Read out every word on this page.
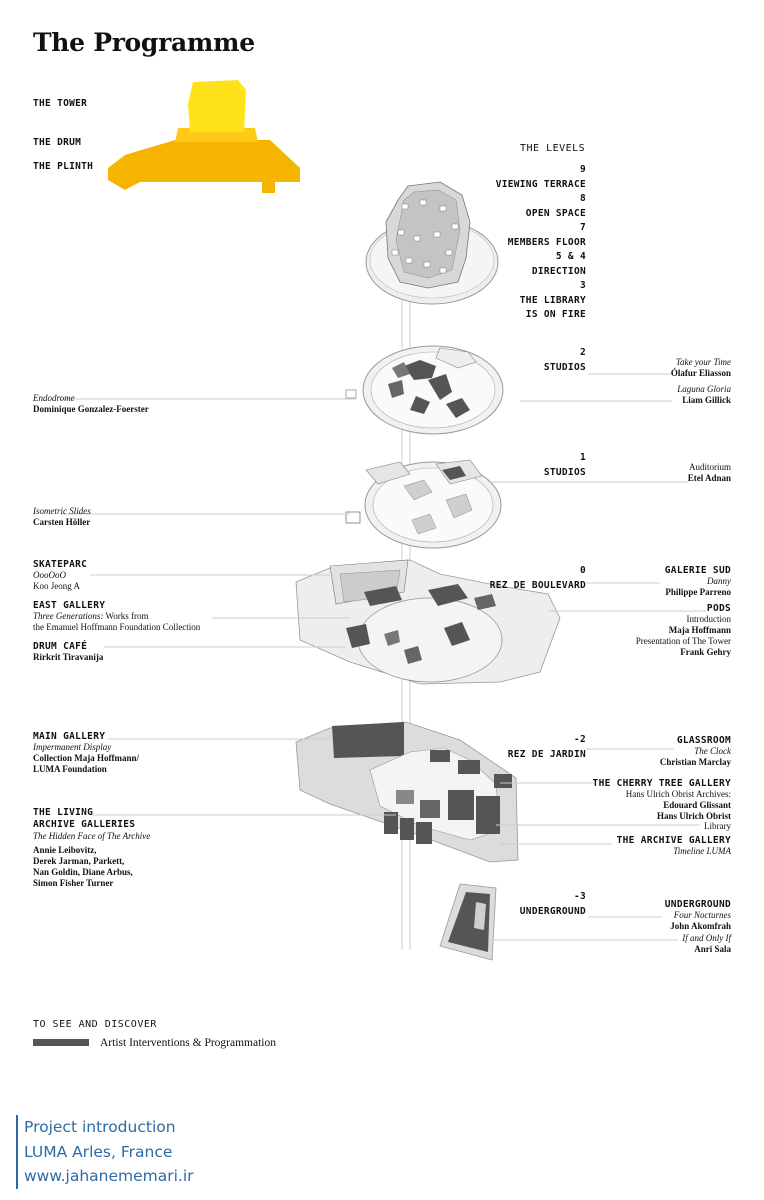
The Programme
THE TOWER
THE DRUM
THE PLINTH
THE LEVELS
9
VIEWING TERRACE
8
OPEN SPACE
7
MEMBERS FLOOR
5 & 4
DIRECTION
3
THE LIBRARY
IS ON FIRE
2
STUDIOS
1
STUDIOS
0
REZ DE BOULEVARD
-2
REZ DE JARDIN
-3
UNDERGROUND
Endodrome
Dominique Gonzalez-Foerster
Isometric Slides
Carsten Höller
SKATEPARC
OooOoO
Koo Jeong A
EAST GALLERY
Three Generations: Works from
the Emanuel Hoffmann Foundation Collection
DRUM CAFÉ
Rirkrit Tiravanija
MAIN GALLERY
Impermanent Display
Collection Maja Hoffmann/
LUMA Foundation
THE LIVING
ARCHIVE GALLERIES
The Hidden Face of The Archive
Annie Leibovitz,
Derek Jarman, Parkett,
Nan Goldin, Diane Arbus,
Simon Fisher Turner
Take your Time
Ólafur Eliasson
Laguna Gloria
Liam Gillick
Auditorium
Etel Adnan
GALERIE SUD
Danny
Philippe Parreno
PODS
Introduction
Maja Hoffmann
Presentation of The Tower
Frank Gehry
GLASSROOM
The Clock
Christian Marclay
THE CHERRY TREE GALLERY
Hans Ulrich Obrist Archives:
Edouard Glissant
Hans Ulrich Obrist
Library
THE ARCHIVE GALLERY
Timeline LUMA
UNDERGROUND
Four Nocturnes
John Akomfrah
If and Only If
Anri Sala
TO SEE AND DISCOVER
Artist Interventions & Programmation
Project introduction
LUMA Arles, France
www.jahanememari.ir
